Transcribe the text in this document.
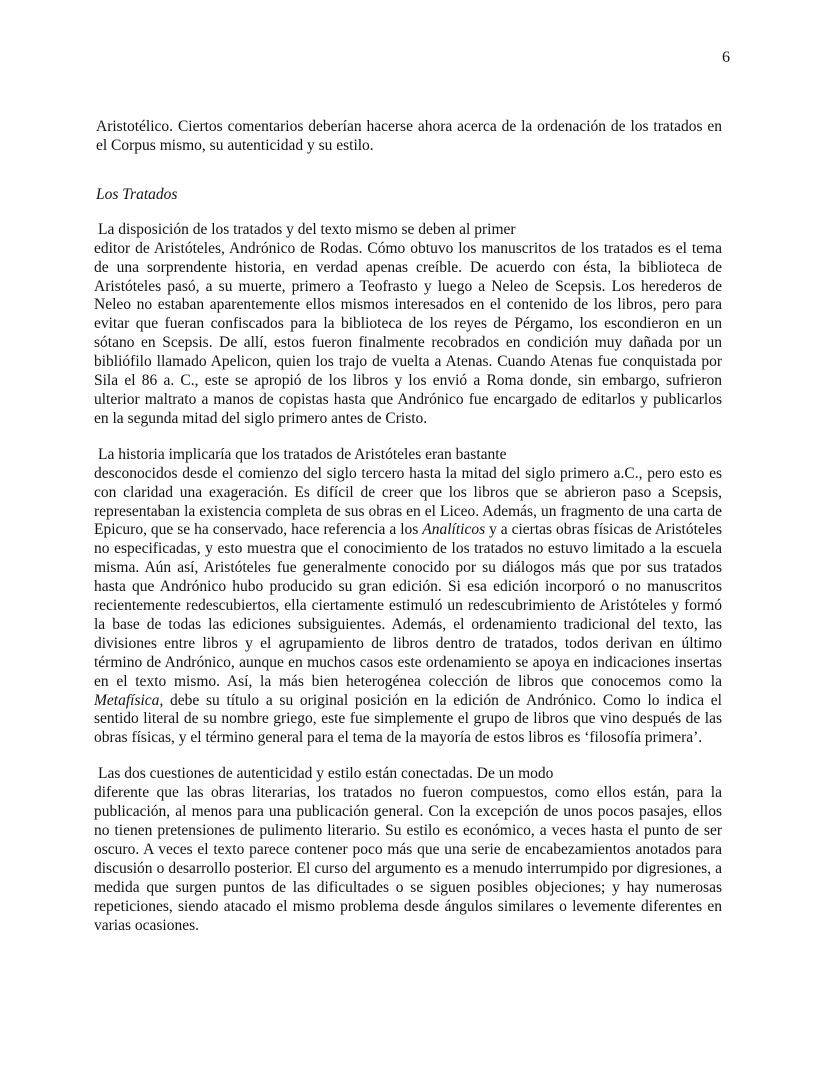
6

Aristotélico. Ciertos comentarios deberían hacerse ahora acerca de la ordenación de los tratados en el Corpus mismo, su autenticidad y su estilo.

Los Tratados
La disposición de los tratados y del texto mismo se deben al primer
editor de Aristóteles, Andrónico de Rodas. Cómo obtuvo los manuscritos de los tratados es el tema de una sorprendente historia, en verdad apenas creíble. De acuerdo con ésta, la biblioteca de Aristóteles pasó, a su muerte, primero a Teofrasto y luego a Neleo de Scepsis. Los herederos de Neleo no estaban aparentemente ellos mismos interesados en el contenido de los libros, pero para evitar que fueran confiscados para la biblioteca de los reyes de Pérgamo, los escondieron en un sótano en Scepsis. De allí, estos fueron finalmente recobrados en condición muy dañada por un bibliófilo llamado Apelicon, quien los trajo de vuelta a Atenas. Cuando Atenas fue conquistada por Sila el 86 a. C., este se apropió de los libros y los envió a Roma donde, sin embargo, sufrieron ulterior maltrato a manos de copistas hasta que Andrónico fue encargado de editarlos y publicarlos en la segunda mitad del siglo primero antes de Cristo.
La historia implicaría que los tratados de Aristóteles eran bastante
desconocidos desde el comienzo del siglo tercero hasta la mitad del siglo primero a.C., pero esto es con claridad una exageración. Es difícil de creer que los libros que se abrieron paso a Scepsis, representaban la existencia completa de sus obras en el Liceo. Además, un fragmento de una carta de Epicuro, que se ha conservado, hace referencia a los Analíticos y a ciertas obras físicas de Aristóteles no especificadas, y esto muestra que el conocimiento de los tratados no estuvo limitado a la escuela misma. Aún así, Aristóteles fue generalmente conocido por su diálogos más que por sus tratados hasta que Andrónico hubo producido su gran edición. Si esa edición incorporó o no manuscritos recientemente redescubiertos, ella ciertamente estimuló un redescubrimiento de Aristóteles y formó la base de todas las ediciones subsiguientes. Además, el ordenamiento tradicional del texto, las divisiones entre libros y el agrupamiento de libros dentro de tratados, todos derivan en último término de Andrónico, aunque en muchos casos este ordenamiento se apoya en indicaciones insertas en el texto mismo. Así, la más bien heterogénea colección de libros que conocemos como la Metafísica, debe su título a su original posición en la edición de Andrónico. Como lo indica el sentido literal de su nombre griego, este fue simplemente el grupo de libros que vino después de las obras físicas, y el término general para el tema de la mayoría de estos libros es ‘filosofía primera’.
Las dos cuestiones de autenticidad y estilo están conectadas. De un modo
diferente que las obras literarias, los tratados no fueron compuestos, como ellos están, para la publicación, al menos para una publicación general. Con la excepción de unos pocos pasajes, ellos no tienen pretensiones de pulimento literario. Su estilo es económico, a veces hasta el punto de ser oscuro. A veces el texto parece contener poco más que una serie de encabezamientos anotados para discusión o desarrollo posterior. El curso del argumento es a menudo interrumpido por digresiones, a medida que surgen puntos de las dificultades o se siguen posibles objeciones; y hay numerosas repeticiones, siendo atacado el mismo problema desde ángulos similares o levemente diferentes en varias ocasiones.
